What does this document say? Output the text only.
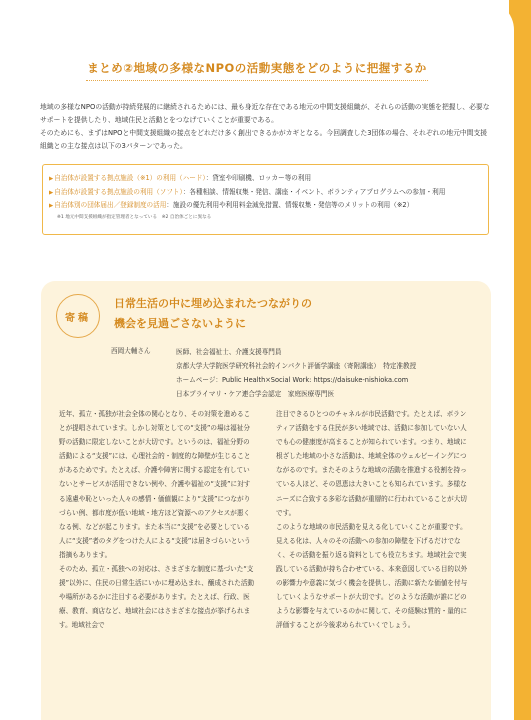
まとめ②地域の多様なNPOの活動実態をどのように把握するか

地域の多様なNPOの活動が持続発展的に継続されるためには、最も身近な存在である地元の中間支援組織が、それらの活動の実態を把握し、必要なサポートを提供したり、地域住民と活動とをつなげていくことが重要である。

そのためにも、まずはNPOと中間支援組織の接点をどれだけ多く創出できるかがカギとなる。今回調査した3団体の場合、それぞれの地元中間支援組織との主な接点は以下の3パターンであった。

▶自治体が設置する拠点施設（※1）の利用（ハード）：貸室や印刷機、ロッカー等の利用
▶自治体が設置する拠点施設の利用（ソフト）：各種相談、情報収集・発信、講座・イベント、ボランティアプログラムへの参加・利用
▶自治体別の団体届出／登録制度の活用：施設の優先利用や利用料金減免措置、情報収集・発信等のメリットの利用（※2）
※1 地元中間支援組織が指定管理者となっている　※2 自治体ごとに異なる
寄稿
日常生活の中に埋め込まれたつながりの
機会を見過ごさないように
西岡大輔さん	医師、社会福祉士、介護支援専門員
京都大学大学院医学研究科社会的インパクト評価学講座（寄附講座）　特定准教授
ホームページ：Public Health×Social Work: https://daisuke-nishioka.com
日本プライマリ・ケア連合学会認定　家庭医療専門医

近年、孤立・孤独が社会全体の関心となり、その対策を進めることが提唱されています。しかし対策としての“支援”の場は福祉分野の活動に限定しないことが大切です。というのは、福祉分野の活動による“支援”には、心理社会的・制度的な障壁が生じることがあるためです。たとえば、介護や障害に関する認定を有していないとサービスが活用できない例や、介護や福祉の“支援”に対する遠慮や恥といった人々の感情・価値観により“支援”につながりづらい例、都市度が低い地域・地方ほど資源へのアクセスが悪くなる例、などが起こります。また本当に“支援”を必要としている人に“支援”者のタグをつけた人による“支援”は届きづらいという指摘もあります。

そのため、孤立・孤独への対応は、さまざまな制度に基づいた“支援”以外に、住民の日常生活にいかに埋め込まれ、醸成された活動や場所があるかに注目する必要があります。たとえば、行政、医療、教育、商店など、地域社会にはさまざまな接点が挙げられます。地域社会で

注目できるひとつのチャネルが市民活動です。たとえば、ボランティア活動をする住民が多い地域では、活動に参加していない人でも心の健康度が高まることが知られています。つまり、地域に根ざした地域の小さな活動は、地域全体のウェルビーイングにつながるのです。またそのような地域の活動を推進する役割を持っている人ほど、その恩恵は大きいことも知られています。多様なニーズに合致する多彩な活動が重層的に行われていることが大切です。

このような地域の市民活動を見える化していくことが重要です。見える化は、人々のその活動への参加の障壁を下げるだけでなく、その活動を振り返る資料としても役立ちます。地域社会で実践している活動が持ち合わせている、本来意図している目的以外の影響力や意義に気づく機会を提供し、活動に新たな価値を付与していくようなサポートが大切です。どのような活動が誰にどのような影響を与えているのかに関して、その経験は質的・量的に評価することが今後求められていくでしょう。
